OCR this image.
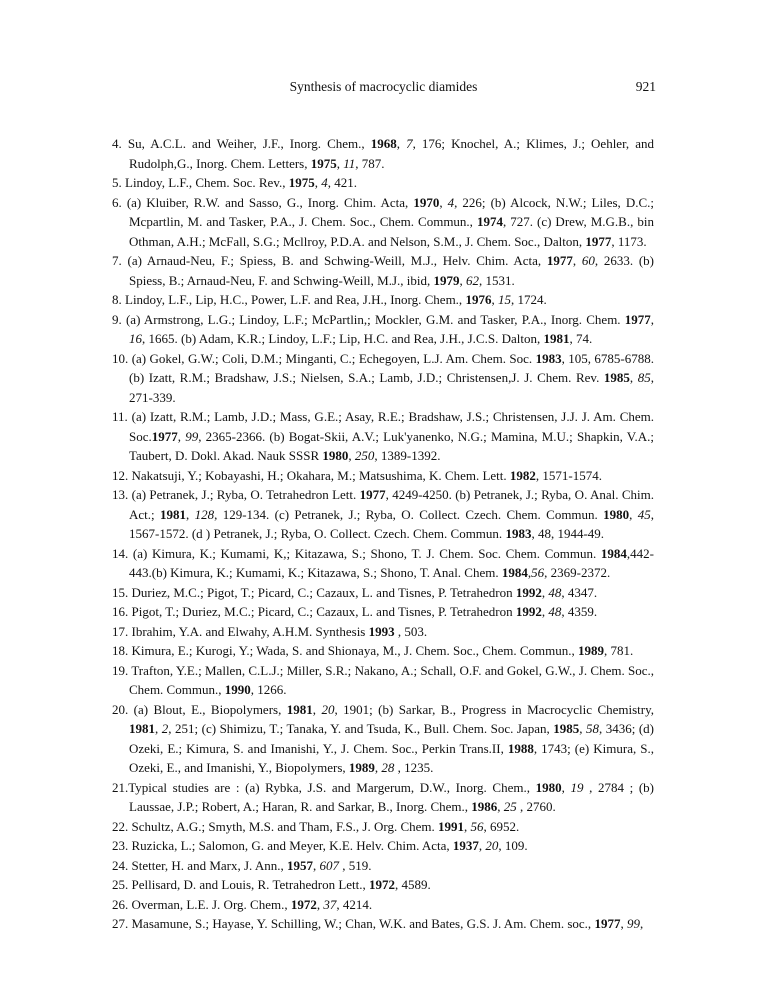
Synthesis of macrocyclic diamides	921

4. Su, A.C.L. and Weiher, J.F., Inorg. Chem., 1968, 7, 176; Knochel, A.; Klimes, J.; Oehler, and Rudolph,G., Inorg. Chem. Letters, 1975, 11, 787.

5. Lindoy, L.F., Chem. Soc. Rev., 1975, 4, 421.

6. (a) Kluiber, R.W. and Sasso, G., Inorg. Chim. Acta, 1970, 4, 226; (b) Alcock, N.W.; Liles, D.C.; Mcpartlin, M. and Tasker, P.A., J. Chem. Soc., Chem. Commun., 1974, 727. (c) Drew, M.G.B., bin Othman, A.H.; McFall, S.G.; Mcllroy, P.D.A. and Nelson, S.M., J. Chem. Soc., Dalton, 1977, 1173.

7. (a) Arnaud-Neu, F.; Spiess, B. and Schwing-Weill, M.J., Helv. Chim. Acta, 1977, 60, 2633. (b) Spiess, B.; Arnaud-Neu, F. and Schwing-Weill, M.J., ibid, 1979, 62, 1531.

8. Lindoy, L.F., Lip, H.C., Power, L.F. and Rea, J.H., Inorg. Chem., 1976, 15, 1724.

9. (a) Armstrong, L.G.; Lindoy, L.F.; McPartlin,; Mockler, G.M. and Tasker, P.A., Inorg. Chem. 1977, 16, 1665. (b) Adam, K.R.; Lindoy, L.F.; Lip, H.C. and Rea, J.H., J.C.S. Dalton, 1981, 74.

10. (a) Gokel, G.W.; Coli, D.M.; Minganti, C.; Echegoyen, L.J. Am. Chem. Soc. 1983, 105, 6785-6788. (b) Izatt, R.M.; Bradshaw, J.S.; Nielsen, S.A.; Lamb, J.D.; Christensen,J. J. Chem. Rev. 1985, 85, 271-339.

11. (a) Izatt, R.M.; Lamb, J.D.; Mass, G.E.; Asay, R.E.; Bradshaw, J.S.; Christensen, J.J. J. Am. Chem. Soc.1977, 99, 2365-2366. (b) Bogat-Skii, A.V.; Luk'yanenko, N.G.; Mamina, M.U.; Shapkin, V.A.; Taubert, D. Dokl. Akad. Nauk SSSR 1980, 250, 1389-1392.

12. Nakatsuji, Y.; Kobayashi, H.; Okahara, M.; Matsushima, K. Chem. Lett. 1982, 1571-1574.

13. (a) Petranek, J.; Ryba, O. Tetrahedron Lett. 1977, 4249-4250. (b) Petranek, J.; Ryba, O. Anal. Chim. Act.; 1981, 128, 129-134. (c) Petranek, J.; Ryba, O. Collect. Czech. Chem. Commun. 1980, 45, 1567-1572. (d ) Petranek, J.; Ryba, O. Collect. Czech. Chem. Commun. 1983, 48, 1944-49.

14. (a) Kimura, K.; Kumami, K,; Kitazawa, S.; Shono, T. J. Chem. Soc. Chem. Commun. 1984,442-443.(b) Kimura, K.; Kumami, K.; Kitazawa, S.; Shono, T. Anal. Chem. 1984,56, 2369-2372.

15. Duriez, M.C.; Pigot, T.; Picard, C.; Cazaux, L. and Tisnes, P. Tetrahedron 1992, 48, 4347.

16. Pigot, T.; Duriez, M.C.; Picard, C.; Cazaux, L. and Tisnes, P. Tetrahedron 1992, 48, 4359.

17. Ibrahim, Y.A. and Elwahy, A.H.M. Synthesis 1993 , 503.

18. Kimura, E.; Kurogi, Y.; Wada, S. and Shionaya, M., J. Chem. Soc., Chem. Commun., 1989, 781.

19. Trafton, Y.E.; Mallen, C.L.J.; Miller, S.R.; Nakano, A.; Schall, O.F. and Gokel, G.W., J. Chem. Soc., Chem. Commun., 1990, 1266.

20. (a) Blout, E., Biopolymers, 1981, 20, 1901; (b) Sarkar, B., Progress in Macrocyclic Chemistry, 1981, 2, 251; (c) Shimizu, T.; Tanaka, Y. and Tsuda, K., Bull. Chem. Soc. Japan, 1985, 58, 3436; (d) Ozeki, E.; Kimura, S. and Imanishi, Y., J. Chem. Soc., Perkin Trans.II, 1988, 1743; (e) Kimura, S., Ozeki, E., and Imanishi, Y., Biopolymers, 1989, 28 , 1235.

21.Typical studies are : (a) Rybka, J.S. and Margerum, D.W., Inorg. Chem., 1980, 19 , 2784 ; (b) Laussae, J.P.; Robert, A.; Haran, R. and Sarkar, B., Inorg. Chem., 1986, 25 , 2760.

22. Schultz, A.G.; Smyth, M.S. and Tham, F.S., J. Org. Chem. 1991, 56, 6952.

23. Ruzicka, L.; Salomon, G. and Meyer, K.E. Helv. Chim. Acta, 1937, 20, 109.

24. Stetter, H. and Marx, J. Ann., 1957, 607 , 519.

25. Pellisard, D. and Louis, R. Tetrahedron Lett., 1972, 4589.

26. Overman, L.E. J. Org. Chem., 1972, 37, 4214.

27. Masamune, S.; Hayase, Y. Schilling, W.; Chan, W.K. and Bates, G.S. J. Am. Chem. soc., 1977, 99,
